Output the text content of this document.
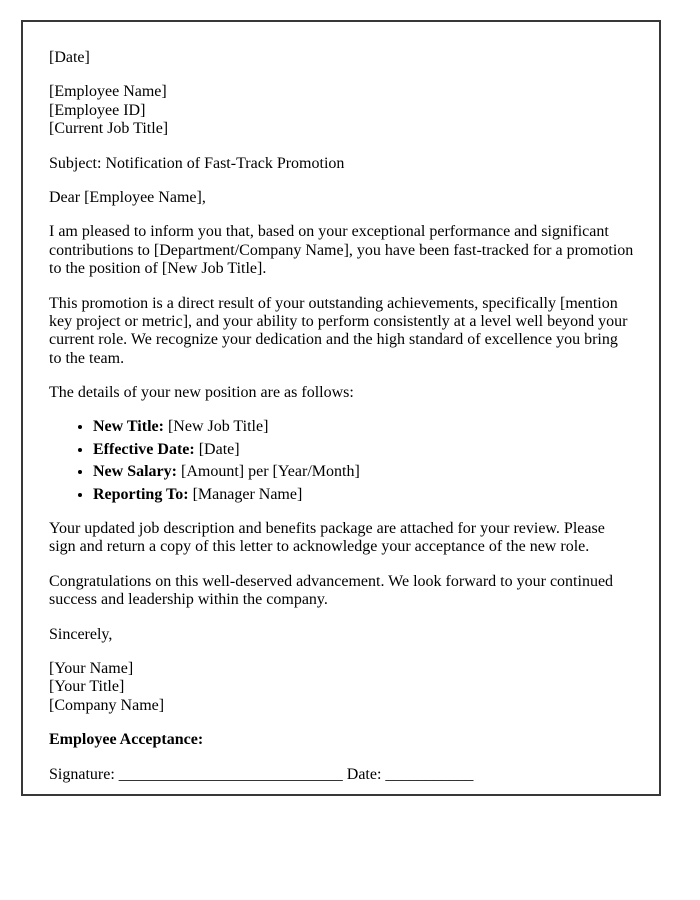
[Date]
[Employee Name]
[Employee ID]
[Current Job Title]
Subject: Notification of Fast-Track Promotion
Dear [Employee Name],
I am pleased to inform you that, based on your exceptional performance and significant contributions to [Department/Company Name], you have been fast-tracked for a promotion to the position of [New Job Title].
This promotion is a direct result of your outstanding achievements, specifically [mention key project or metric], and your ability to perform consistently at a level well beyond your current role. We recognize your dedication and the high standard of excellence you bring to the team.
The details of your new position are as follows:
• New Title: [New Job Title]
• Effective Date: [Date]
• New Salary: [Amount] per [Year/Month]
• Reporting To: [Manager Name]
Your updated job description and benefits package are attached for your review. Please sign and return a copy of this letter to acknowledge your acceptance of the new role.
Congratulations on this well-deserved advancement. We look forward to your continued success and leadership within the company.
Sincerely,
[Your Name]
[Your Title]
[Company Name]
Employee Acceptance:
Signature: ____________________________ Date: ___________
